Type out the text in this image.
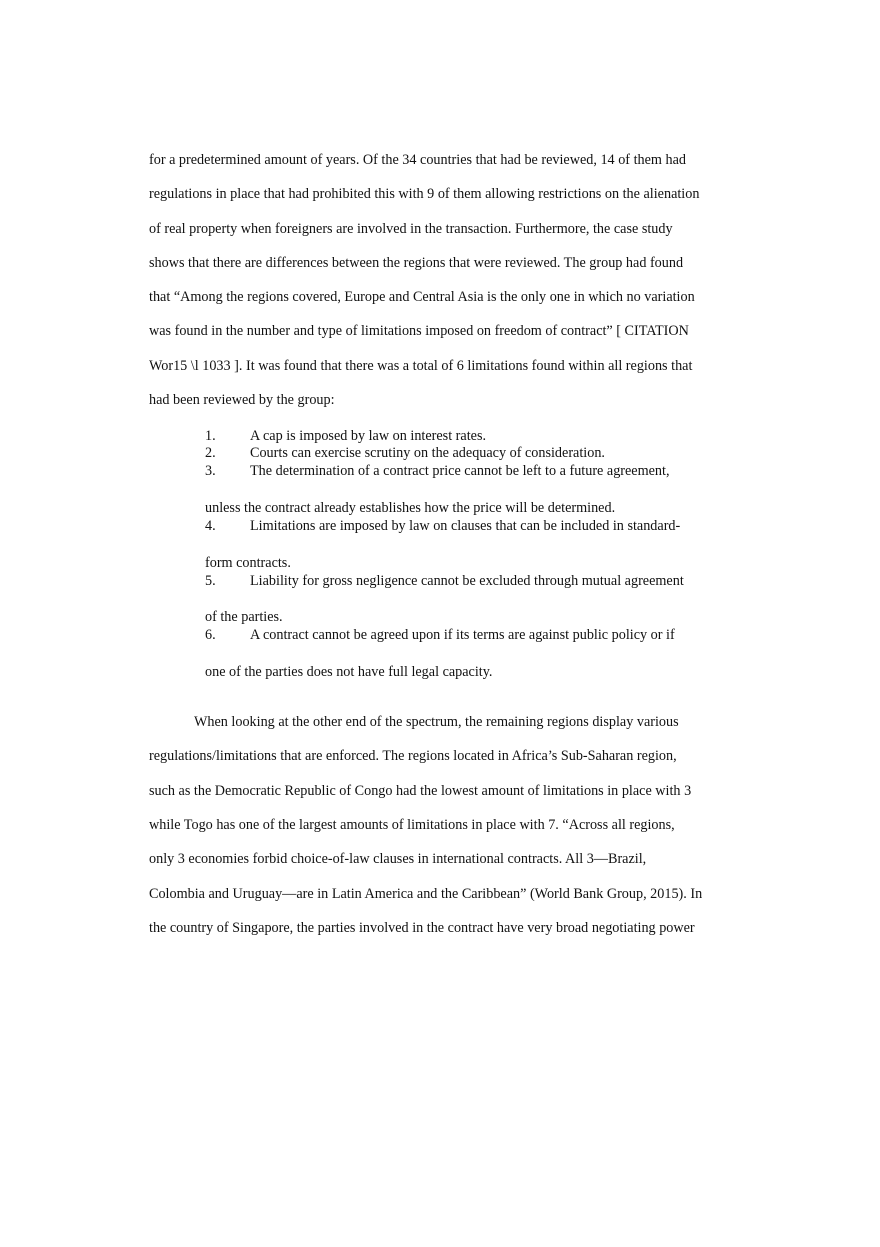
for a predetermined amount of years. Of the 34 countries that had be reviewed, 14 of them had
regulations in place that had prohibited this with 9 of them allowing restrictions on the alienation
of real property when foreigners are involved in the transaction. Furthermore, the case study
shows that there are differences between the regions that were reviewed. The group had found
that “Among the regions covered, Europe and Central Asia is the only one in which no variation
was found in the number and type of limitations imposed on freedom of contract” [ CITATION
Wor15 \l 1033 ]. It was found that there was a total of 6 limitations found within all regions that
had been reviewed by the group:
1. A cap is imposed by law on interest rates.
2. Courts can exercise scrutiny on the adequacy of consideration.
3. The determination of a contract price cannot be left to a future agreement,
unless the contract already establishes how the price will be determined.
4. Limitations are imposed by law on clauses that can be included in standard-
form contracts.
5. Liability for gross negligence cannot be excluded through mutual agreement
of the parties.
6. A contract cannot be agreed upon if its terms are against public policy or if
one of the parties does not have full legal capacity.
When looking at the other end of the spectrum, the remaining regions display various
regulations/limitations that are enforced. The regions located in Africa’s Sub-Saharan region,
such as the Democratic Republic of Congo had the lowest amount of limitations in place with 3
while Togo has one of the largest amounts of limitations in place with 7. “Across all regions,
only 3 economies forbid choice-of-law clauses in international contracts. All 3—Brazil,
Colombia and Uruguay—are in Latin America and the Caribbean” (World Bank Group, 2015). In
the country of Singapore, the parties involved in the contract have very broad negotiating power
